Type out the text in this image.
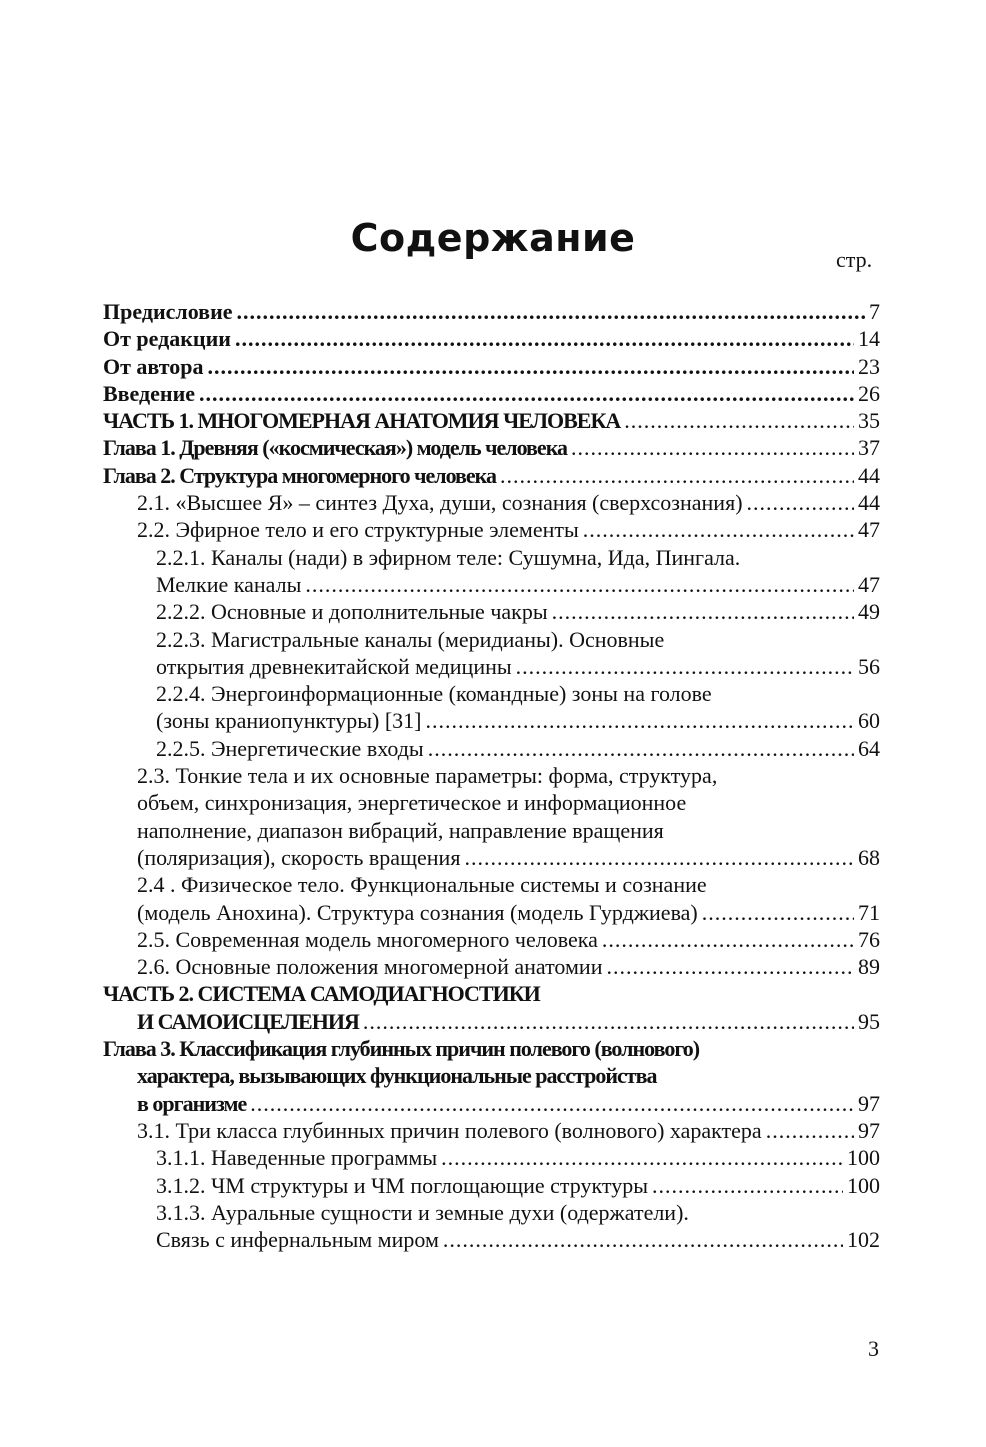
Содержание	стр.
Предисловие .....	7
От редакции .....	14
От автора .....	23
Введение .....	26
ЧАСТЬ 1. МНОГОМЕРНАЯ АНАТОМИЯ ЧЕЛОВЕКА .....	35
Глава 1. Древняя («космическая») модель человека .....	37
Глава 2. Структура многомерного человека .....	44
2.1. «Высшее Я» – синтез Духа, души, сознания (сверхсознания) .....	44
2.2. Эфирное тело и его структурные элементы .....	47
2.2.1. Каналы (нади) в эфирном теле: Сушумна, Ида, Пингала.
Мелкие каналы .....	47
2.2.2. Основные и дополнительные чакры .....	49
2.2.3. Магистральные каналы (меридианы). Основные
открытия древнекитайской медицины .....	56
2.2.4. Энергоинформационные (командные) зоны на голове
(зоны краниопунктуры) [31] .....	60
2.2.5. Энергетические входы .....	64
2.3. Тонкие тела и их основные параметры: форма, структура,
объем, синхронизация, энергетическое и информационное
наполнение, диапазон вибраций, направление вращения
(поляризация), скорость вращения .....	68
2.4 . Физическое тело. Функциональные системы и сознание
(модель Анохина). Структура сознания (модель Гурджиева) .....	71
2.5. Современная модель многомерного человека .....	76
2.6. Основные положения многомерной анатомии .....	89
ЧАСТЬ 2. СИСТЕМА САМОДИАГНОСТИКИ
И САМОИСЦЕЛЕНИЯ .....	95
Глава 3. Классификация глубинных причин полевого (волнового)
характера, вызывающих функциональные расстройства
в организме .....	97
3.1. Три класса глубинных причин полевого (волнового) характера .....	97
3.1.1. Наведенные программы .....	100
3.1.2. ЧМ структуры и ЧМ поглощающие структуры .....	100
3.1.3. Ауральные сущности и земные духи (одержатели).
Связь с инфернальным миром .....	102
3
